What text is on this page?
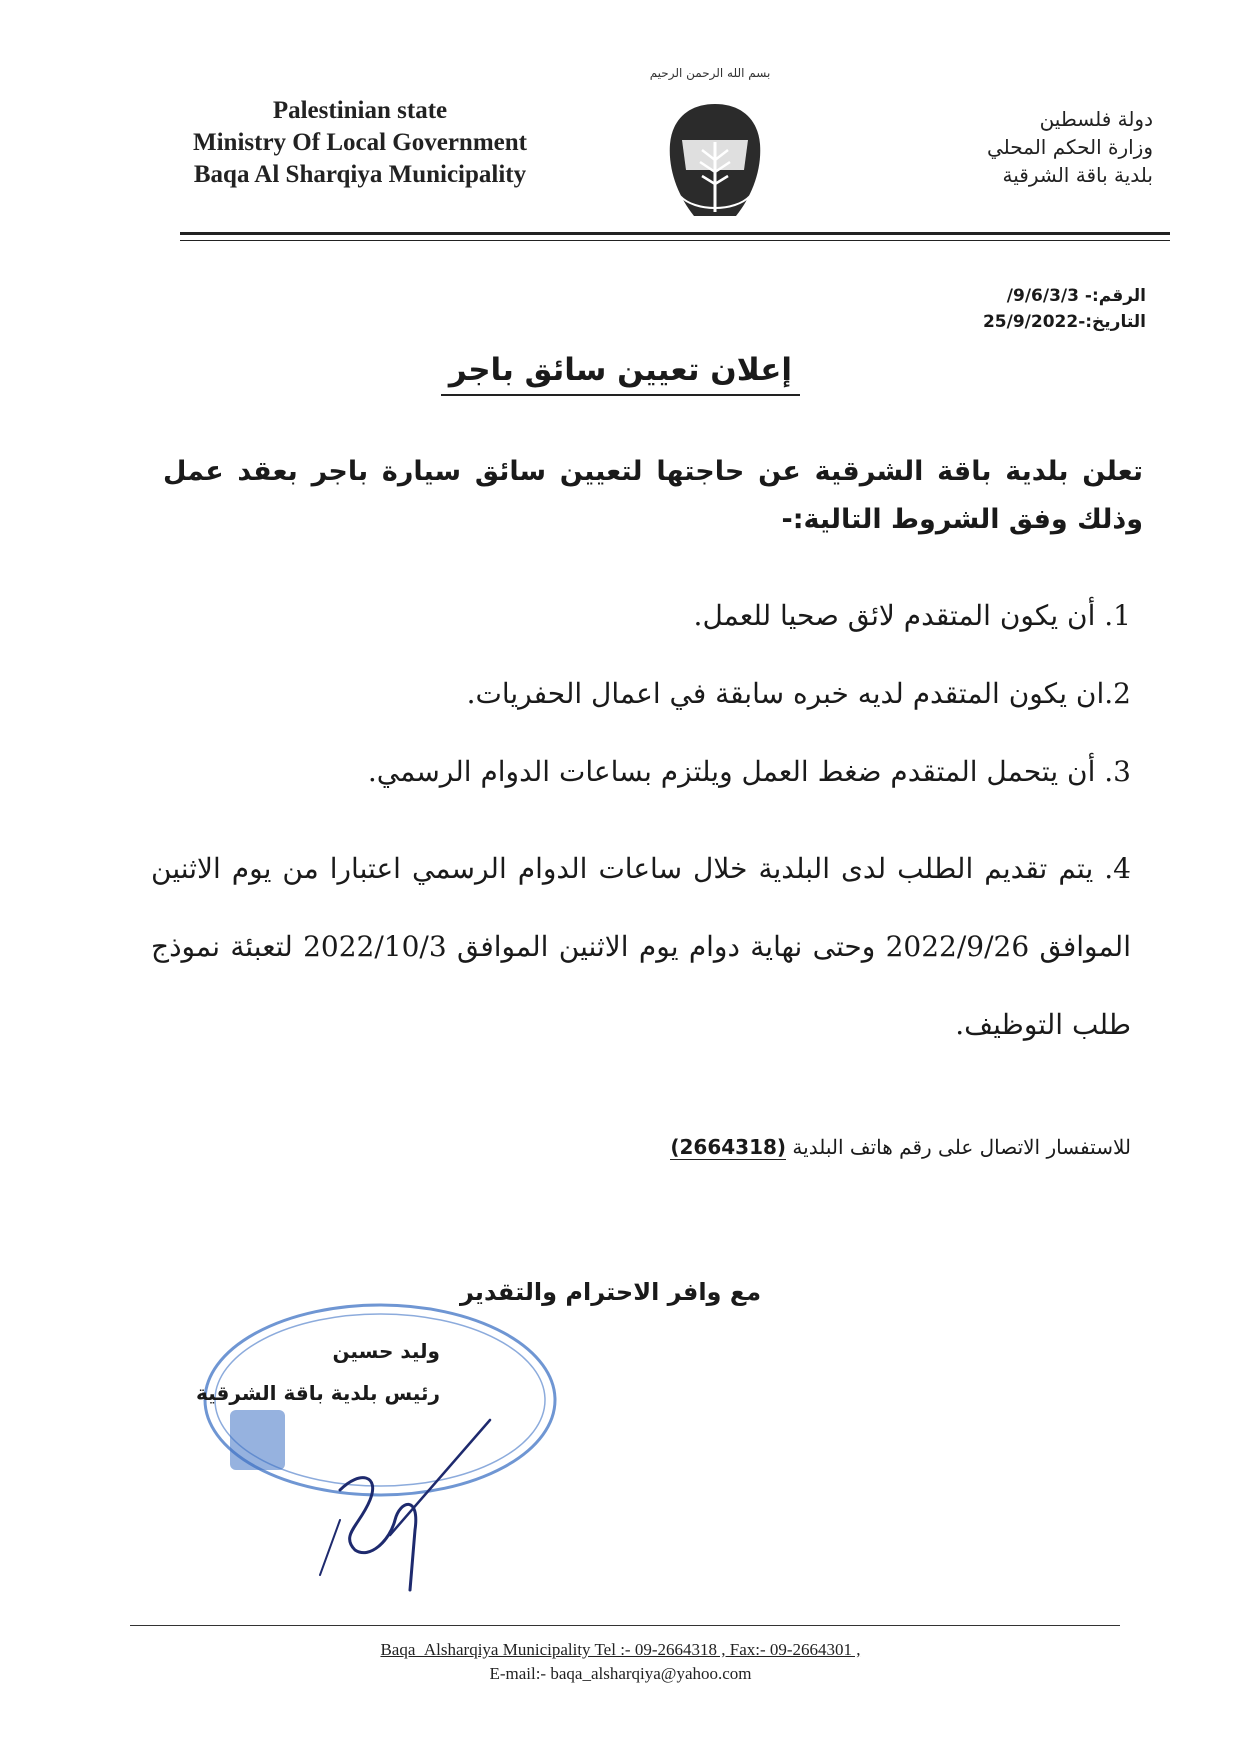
بسم الله الرحمن الرحيم
Palestinian state
Ministry Of Local Government
Baqa Al Sharqiya Municipality
دولة فلسطين
وزارة الحكم المحلي
بلدية باقة الشرقية
الرقم:- 9/6/3/3/
التاريخ:-25/9/2022
إعلان تعيين سائق باجر
تعلن بلدية باقة الشرقية عن حاجتها لتعيين سائق سيارة باجر بعقد عمل وذلك وفق الشروط التالية:-
1. أن يكون المتقدم لائق صحيا للعمل.
2.ان يكون المتقدم لديه خبره سابقة في اعمال الحفريات.
3. أن يتحمل المتقدم ضغط العمل ويلتزم بساعات الدوام الرسمي.
4. يتم تقديم الطلب لدى البلدية خلال ساعات الدوام الرسمي اعتبارا من يوم الاثنين الموافق 2022/9/26 وحتى نهاية دوام يوم الاثنين الموافق 2022/10/3 لتعبئة نموذج طلب التوظيف.
للاستفسار الاتصال على رقم هاتف البلدية (2664318)
مع وافر الاحترام والتقدير
وليد حسين
رئيس بلدية باقة الشرقية
Baqa_Alsharqiya Municipality Tel :- 09-2664318 , Fax:- 09-2664301 ,
E-mail:- baqa_alsharqiya@yahoo.com
